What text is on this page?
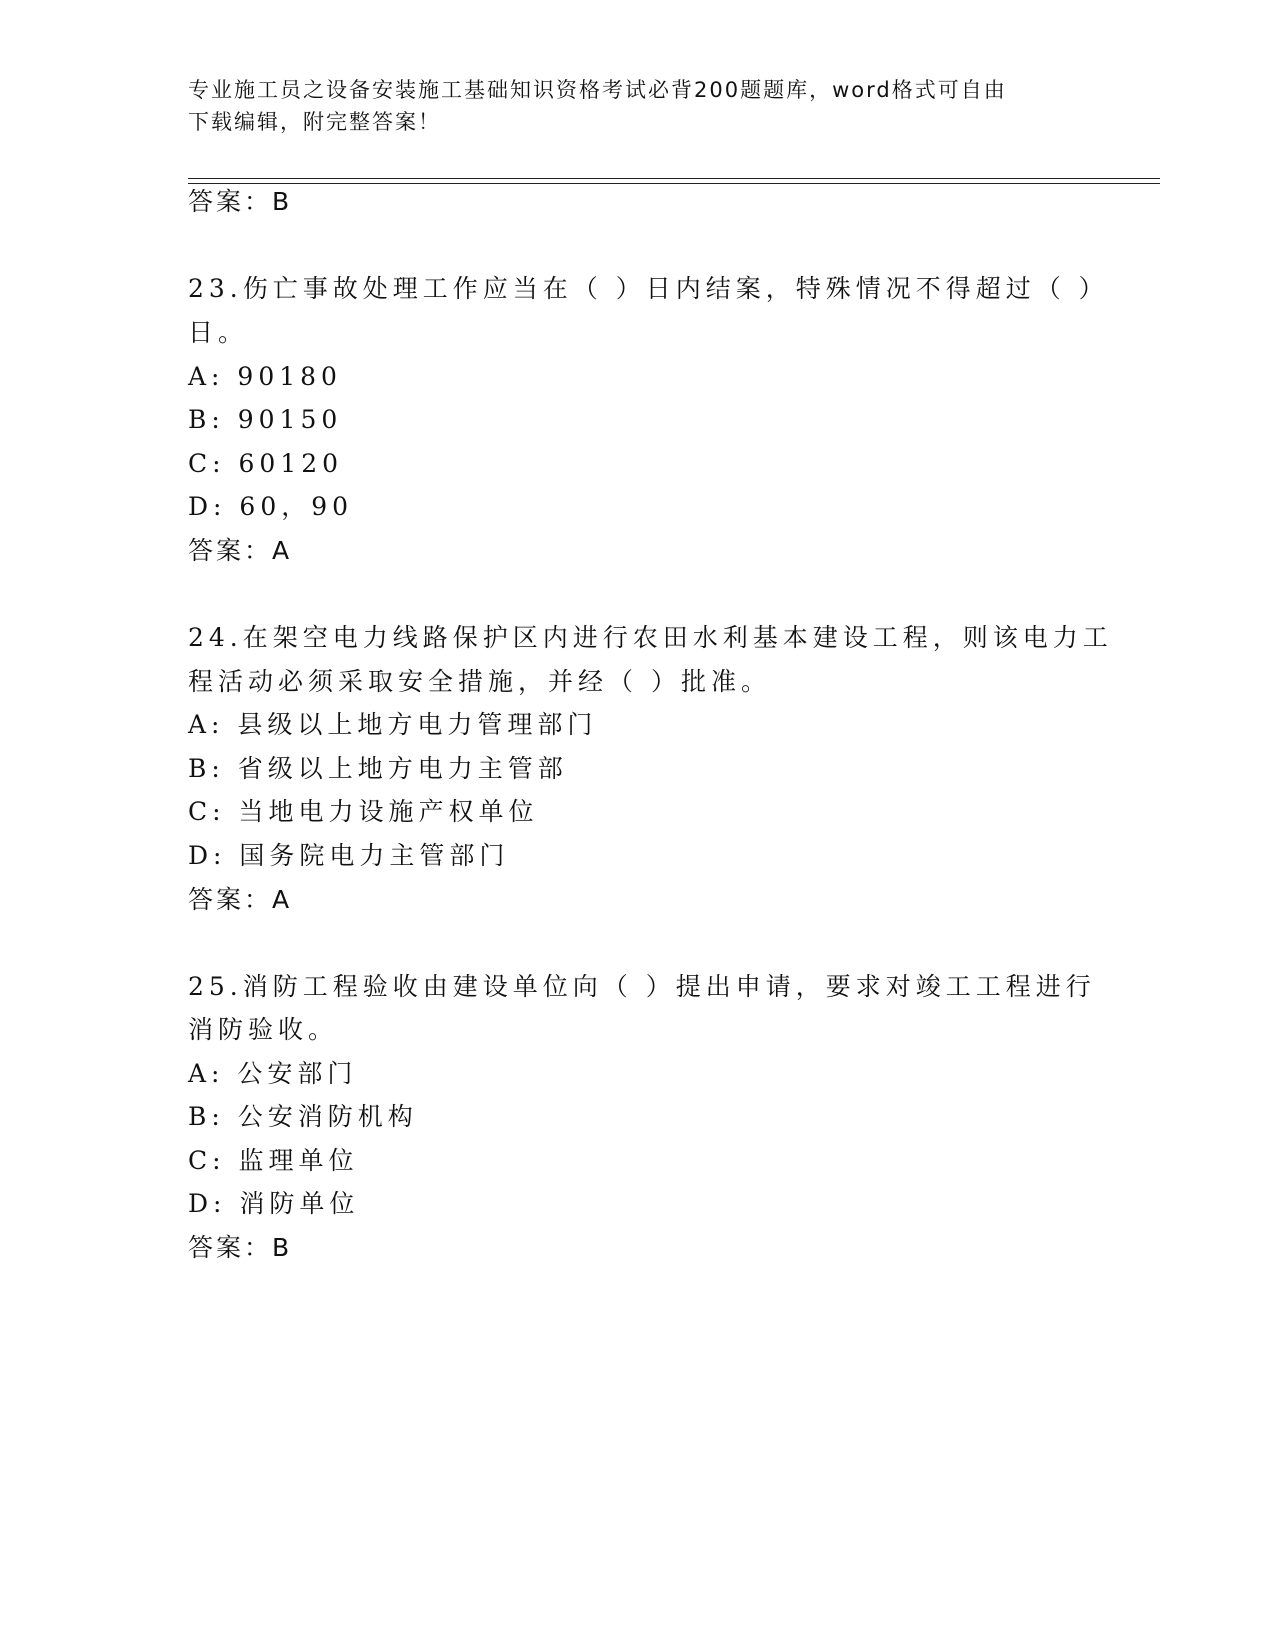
专业施工员之设备安装施工基础知识资格考试必背200题题库，word格式可自由
下载编辑，附完整答案！
答案：B
23.伤亡事故处理工作应当在（ ）日内结案，特殊情况不得超过（ ）
日。
A: 90180
B: 90150
C: 60120
D: 60，90
答案：A
24.在架空电力线路保护区内进行农田水利基本建设工程，则该电力工
程活动必须采取安全措施，并经（ ）批准。
A: 县级以上地方电力管理部门
B: 省级以上地方电力主管部
C: 当地电力设施产权单位
D: 国务院电力主管部门
答案：A
25.消防工程验收由建设单位向（ ）提出申请，要求对竣工工程进行
消防验收。
A: 公安部门
B: 公安消防机构
C: 监理单位
D: 消防单位
答案：B
